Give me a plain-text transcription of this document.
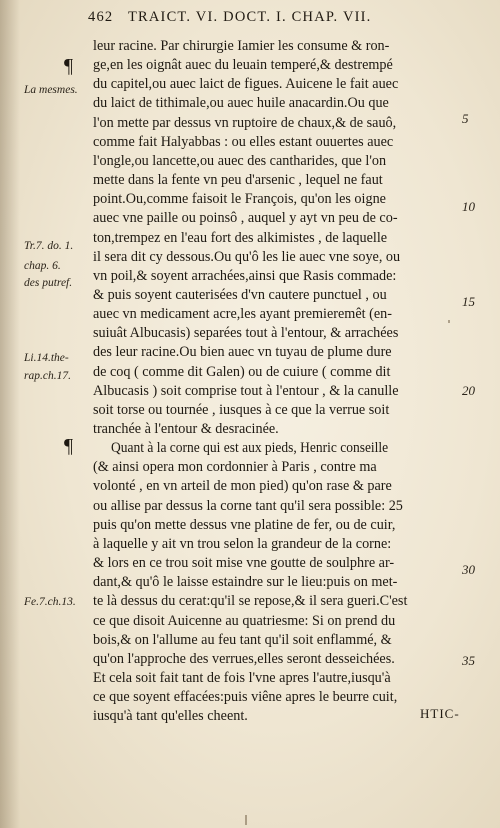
462 TRAICT. VI. DOCT. I. CHAP. VII.
leur racine. Par chirurgie Iamier les consume & ron-
ge,en les oignât auec du leuain temperé,& destrempé
du capitel,ou auec laict de figues. Auicene le fait auec
du laict de tithimale,ou auec huile anacardin.Ou que
l'on mette par dessus vn ruptoire de chaux,& de sauô,
comme fait Halyabbas : ou elles estant ouuertes auec
l'ongle,ou lancette,ou auec des cantharides, que l'on
mette dans la fente vn peu d'arsenic , lequel ne faut
point.Ou,comme faisoit le François, qu'on les oigne
auec vne paille ou poinsô , auquel y ayt vn peu de co-
ton,trempez en l'eau fort des alkimistes , de laquelle
il sera dit cy dessous.Ou qu'ô les lie auec vne soye, ou
vn poil,& soyent arrachées,ainsi que Rasis commade:
& puis soyent cauterisées d'vn cautere punctuel , ou
auec vn medicament acre,les ayant premieremêt (en-
suiuât Albucasis) separées tout à l'entour, & arrachées
des leur racine.Ou bien auec vn tuyau de plume dure
de coq ( comme dit Galen) ou de cuiure ( comme dit
Albucasis ) soit comprise tout à l'entour , & la canulle
soit torse ou tournée , iusques à ce que la verrue soit
tranchée à l'entour & desracinée.
Quant à la corne qui est aux pieds, Henric conseille
(& ainsi opera mon cordonnier à Paris , contre ma
volonté , en vn arteil de mon pied) qu'on rase & pare
ou allise par dessus la corne tant qu'il sera possible: 25
puis qu'on mette dessus vne platine de fer, ou de cuir,
à laquelle y ait vn trou selon la grandeur de la corne:
& lors en ce trou soit mise vne goutte de soulphre ar-
dant,& qu'ô le laisse estaindre sur le lieu:puis on met-
te là dessus du cerat:qu'il se repose,& il sera gueri.C'est
ce que disoit Auicenne au quatriesme: Si on prend du
bois,& on l'allume au feu tant qu'il soit enflammé, &
qu'on l'approche des verrues,elles seront desseichées.
Et cela soit fait tant de fois l'vne apres l'autre,iusqu'à
ce que soyent effacées:puis viêne apres le beurre cuit,
iusqu'à tant qu'elles cheent.
¶
¶
La mesmes.
Tr.7. do. 1.
chap. 6.
des putref.
Li.14.the-
rap.ch.17.
Fe.7.ch.13.
5
10
15
20
30
35
HTIC-
